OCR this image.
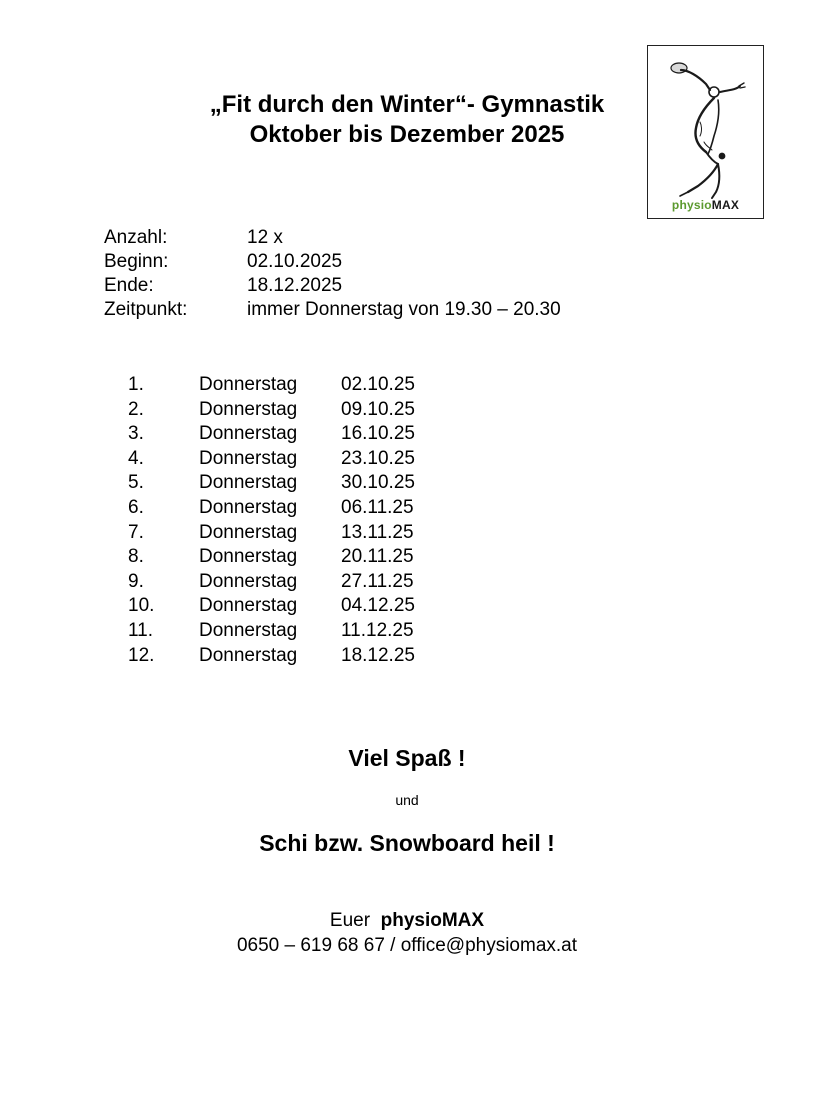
„Fit durch den Winter“- Gymnastik
Oktober bis Dezember 2025
physioMAX
Anzahl:	12 x
Beginn:	02.10.2025
Ende:	18.12.2025
Zeitpunkt:	immer Donnerstag von 19.30 – 20.30
1.	Donnerstag 02.10.25
2.	Donnerstag 09.10.25
3.	Donnerstag 16.10.25
4.	Donnerstag 23.10.25
5.	Donnerstag 30.10.25
6.	Donnerstag 06.11.25
7.	Donnerstag 13.11.25
8.	Donnerstag 20.11.25
9.	Donnerstag 27.11.25
10. Donnerstag 04.12.25
11. Donnerstag 11.12.25
12. Donnerstag 18.12.25

Viel Spaß !

und

Schi bzw. Snowboard heil !

Euer physioMAX

0650 – 619 68 67 / office@physiomax.at
